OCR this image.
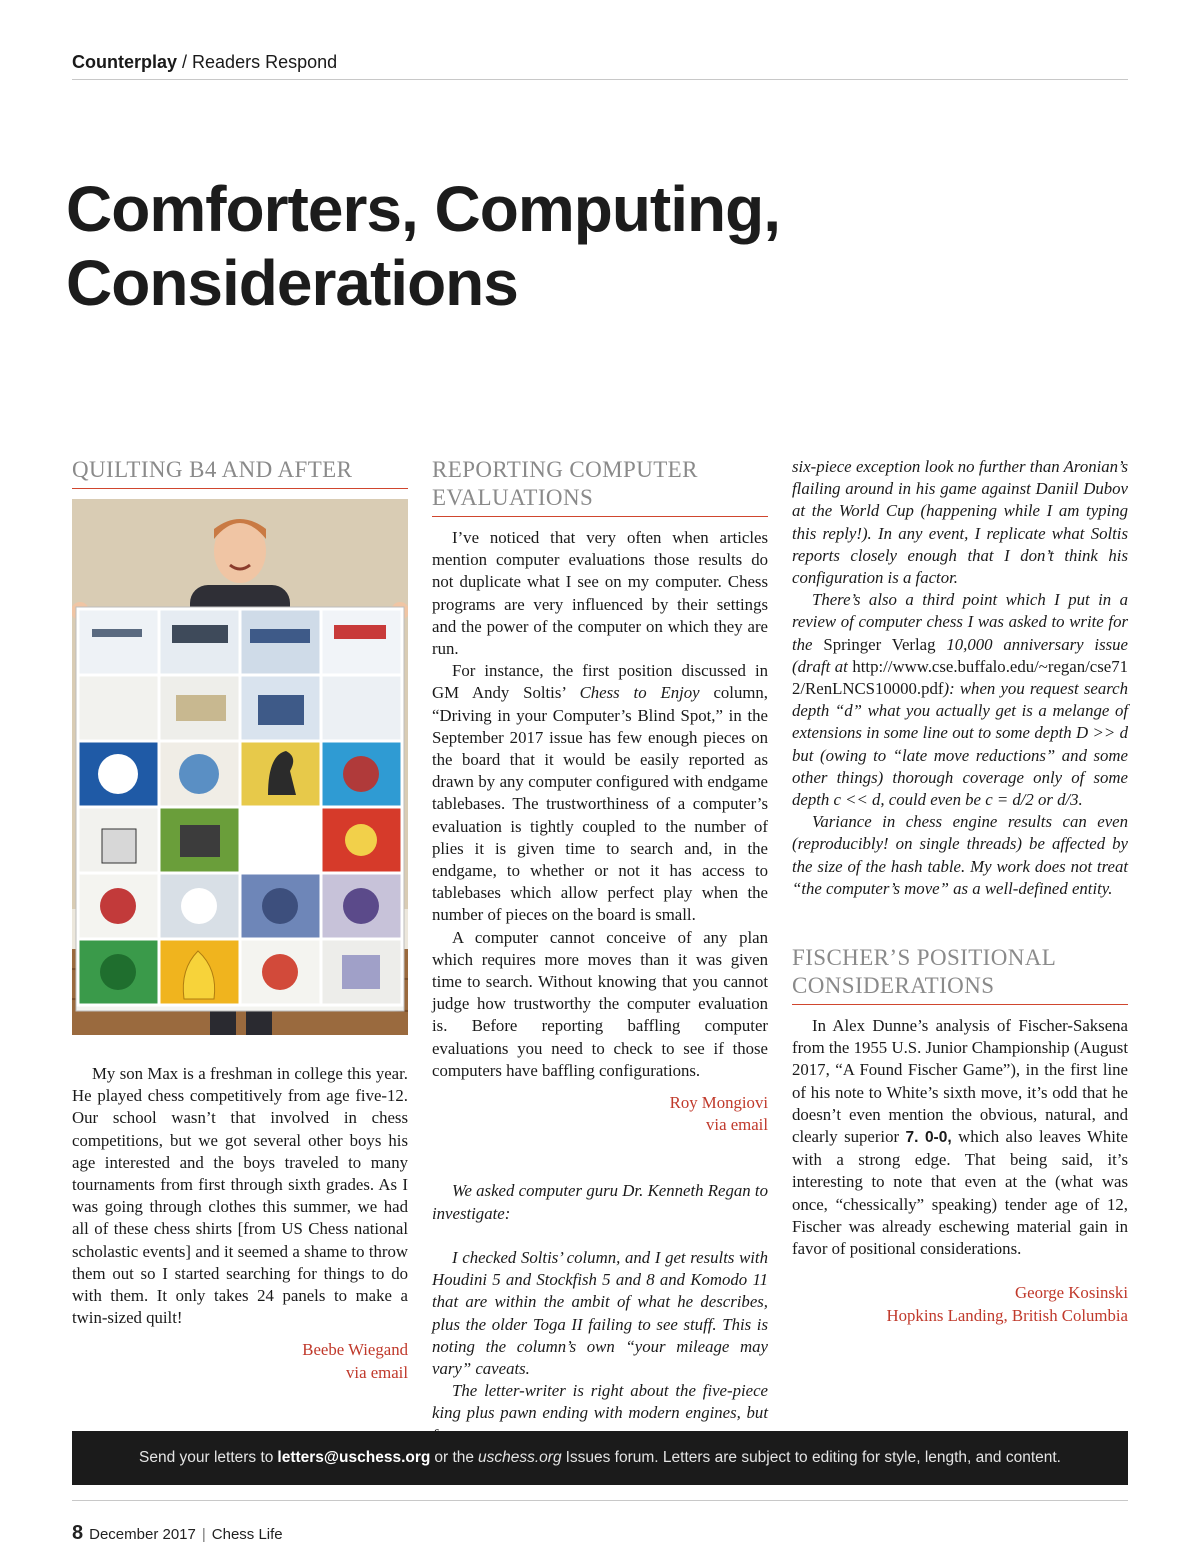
Counterplay / Readers Respond
Comforters, Computing,
Considerations
QUILTING B4 AND AFTER

My son Max is a freshman in college this year. He played chess competitively from age five-12. Our school wasn’t that involved in chess competitions, but we got several other boys his age interested and the boys traveled to many tournaments from first through sixth grades. As I was going through clothes this summer, we had all of these chess shirts [from US Chess national scholastic events] and it seemed a shame to throw them out so I started searching for things to do with them. It only takes 24 panels to make a twin-sized quilt!

Beebe Wiegand
via email
REPORTING COMPUTER EVALUATIONS

I’ve noticed that very often when articles mention computer evaluations those results do not duplicate what I see on my computer. Chess programs are very influenced by their settings and the power of the computer on which they are run.

For instance, the first position discussed in GM Andy Soltis’ Chess to Enjoy column, “Driving in your Computer’s Blind Spot,” in the September 2017 issue has few enough pieces on the board that it would be easily reported as drawn by any computer configured with endgame tablebases. The trustworthiness of a computer’s evaluation is tightly coupled to the number of plies it is given time to search and, in the endgame, to whether or not it has access to tablebases which allow perfect play when the number of pieces on the board is small.

A computer cannot conceive of any plan which requires more moves than it was given time to search. Without knowing that you cannot judge how trustworthy the computer evaluation is. Before reporting baffling computer evaluations you need to check to see if those computers have baffling configurations.

Roy Mongiovi
via email

We asked computer guru Dr. Kenneth Regan to investigate:

I checked Soltis’ column, and I get results with Houdini 5 and Stockfish 5 and 8 and Komodo 11 that are within the ambit of what he describes, plus the older Toga II failing to see stuff. This is noting the column’s own “your mileage may vary” caveats.

The letter-writer is right about the five-piece king plus pawn ending with modern engines, but

six-piece exception look no further than Aronian’s flailing around in his game against Daniil Dubov at the World Cup (happening while I am typing this reply!). In any event, I replicate what Soltis reports closely enough that I don’t think his configuration is a factor.

There’s also a third point which I put in a review of computer chess I was asked to write for the Springer Verlag 10,000 anniversary issue (draft at http://www.cse.buffalo.edu/~regan/cse712/RenLNCS10000.pdf): when you request search depth “d” what you actually get is a melange of extensions in some line out to some depth D >> d but (owing to “late move reductions” and some other things) thorough coverage only of some depth c << d, could even be c = d/2 or d/3.

Variance in chess engine results can even (reproducibly! on single threads) be affected by the size of the hash table. My work does not treat “the computer’s move” as a well-defined entity.

FISCHER’S POSITIONAL CONSIDERATIONS

In Alex Dunne’s analysis of Fischer-Saksena from the 1955 U.S. Junior Championship (August 2017, “A Found Fischer Game”), in the first line of his note to White’s sixth move, it’s odd that he doesn’t even mention the obvious, natural, and clearly superior 7. 0-0, which also leaves White with a strong edge. That being said, it’s interesting to note that even at the (what was once, “chessically” speaking) tender age of 12, Fischer was already eschewing material gain in favor of positional considerations.

George Kosinski
Hopkins Landing, British Columbia
Send your letters to letters@uschess.org or the uschess.org Issues forum. Letters are subject to editing for style, length, and content.
8 December 2017 | Chess Life
